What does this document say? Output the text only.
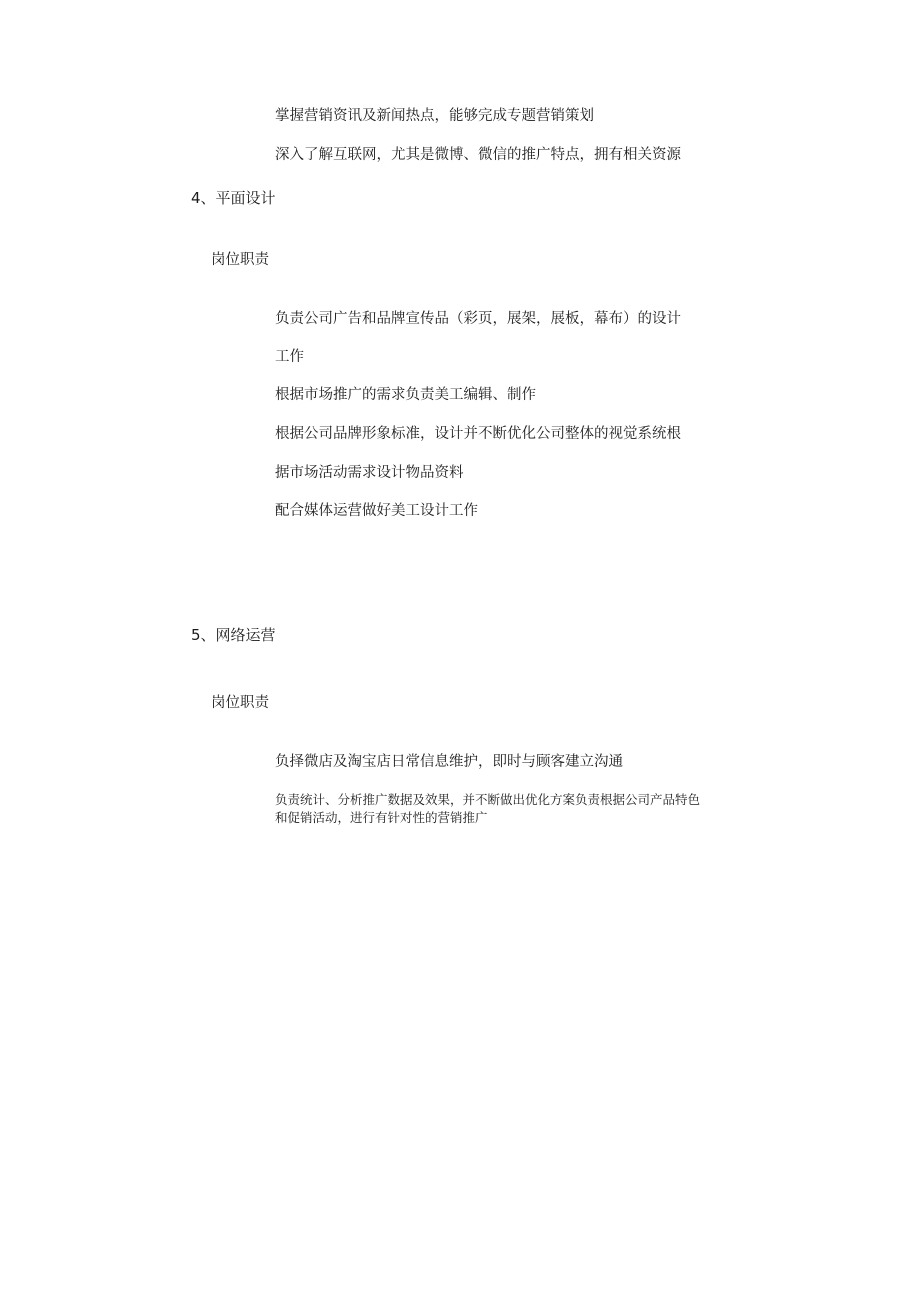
掌握营销资讯及新闻热点，能够完成专题营销策划
深入了解互联网，尤其是微博、微信的推广特点，拥有相关资源
4、平面设计
岗位职责
负责公司广告和品牌宣传品（彩页，展架，展板，幕布）的设计
工作
根据市场推广的需求负责美工编辑、制作
根据公司品牌形象标准，设计并不断优化公司整体的视觉系统根
据市场活动需求设计物品资料
配合媒体运营做好美工设计工作
5、网络运营
岗位职责
负择微店及淘宝店日常信息维护，即时与顾客建立沟通
负责统计、分析推广数据及效果，并不断做出优化方案负责根据公司产品特色
和促销活动，进行有针对性的营销推广
